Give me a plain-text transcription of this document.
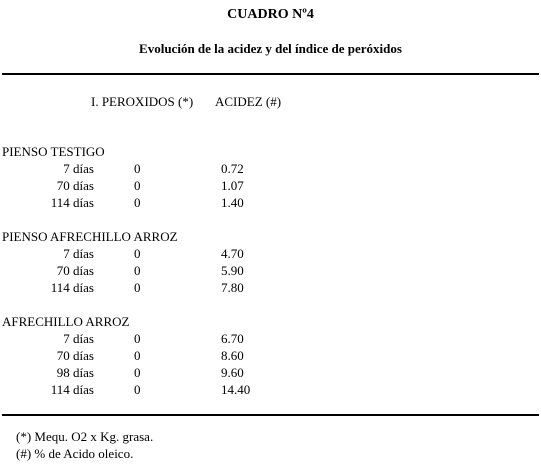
CUADRO Nº4
Evolución de la acidez y del índice de peróxidos
I. PEROXIDOS (*) ACIDEZ (#)
PIENSO TESTIGO
7 días	0	0.72
70 días	0	1.07
114 días	0	1.40
PIENSO AFRECHILLO ARROZ
7 días	0	4.70
70 días	0	5.90
114 días	0	7.80
AFRECHILLO ARROZ
7 días	0	6.70
70 días	0	8.60
98 días	0	9.60
114 días	0	14.40
(*) Mequ. O2 x Kg. grasa.
(#) % de Acido oleico.
